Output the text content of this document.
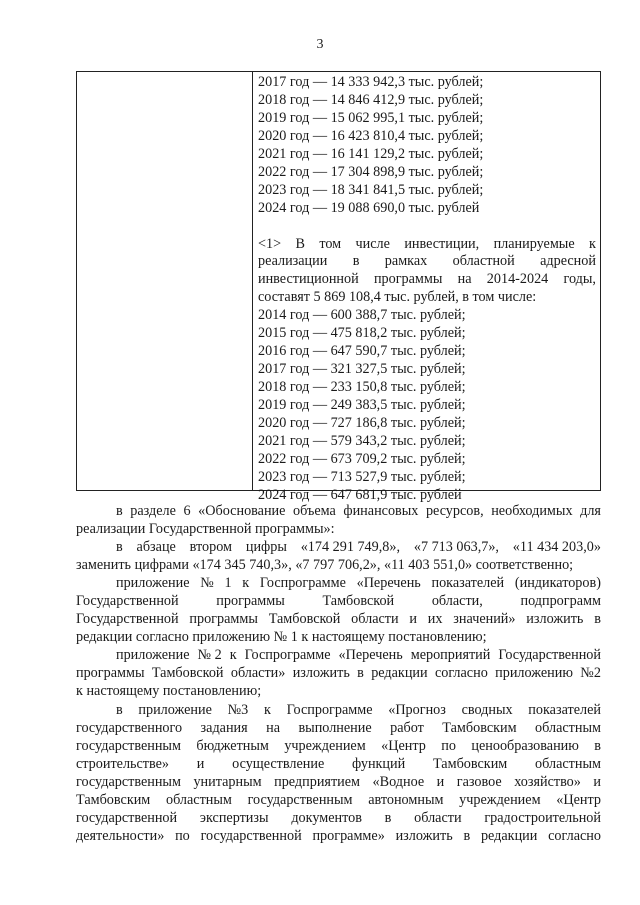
3
2017 год — 14 333 942,3 тыс. рублей;
2018 год — 14 846 412,9 тыс. рублей;
2019 год — 15 062 995,1 тыс. рублей;
2020 год — 16 423 810,4 тыс. рублей;
2021 год — 16 141 129,2 тыс. рублей;
2022 год — 17 304 898,9 тыс. рублей;
2023 год — 18 341 841,5 тыс. рублей;
2024 год — 19 088 690,0 тыс. рублей
<1> В том числе инвестиции, планируемые к
реализации в рамках областной адресной
инвестиционной программы на 2014-2024 годы,
составят 5 869 108,4 тыс. рублей, в том числе:
2014 год — 600 388,7 тыс. рублей;
2015 год — 475 818,2 тыс. рублей;
2016 год — 647 590,7 тыс. рублей;
2017 год — 321 327,5 тыс. рублей;
2018 год — 233 150,8 тыс. рублей;
2019 год — 249 383,5 тыс. рублей;
2020 год — 727 186,8 тыс. рублей;
2021 год — 579 343,2 тыс. рублей;
2022 год — 673 709,2 тыс. рублей;
2023 год — 713 527,9 тыс. рублей;
2024 год — 647 681,9 тыс. рублей
в разделе 6 «Обоснование объема финансовых ресурсов, необходимых для
реализации Государственной программы»:
в абзаце втором цифры «174 291 749,8», «7 713 063,7», «11 434 203,0»
заменить цифрами «174 345 740,3», «7 797 706,2», «11 403 551,0» соответственно;
приложение № 1 к Госпрограмме «Перечень показателей (индикаторов)
Государственной	программы	Тамбовской	области,	подпрограмм
Государственной программы Тамбовской области и их значений» изложить в
редакции согласно приложению № 1 к настоящему постановлению;
приложение № 2 к Госпрограмме «Перечень мероприятий Государственной
программы Тамбовской области» изложить в редакции согласно приложению №2
к настоящему постановлению;
в приложение №3 к Госпрограмме «Прогноз сводных показателей
государственного задания на выполнение работ Тамбовским областным
государственным бюджетным учреждением «Центр по ценообразованию в
строительстве» и осуществление функций Тамбовским областным
государственным унитарным предприятием «Водное и газовое хозяйство» и
Тамбовским областным государственным автономным учреждением «Центр
государственной экспертизы документов в области градостроительной
деятельности» по государственной программе» изложить в редакции согласно
